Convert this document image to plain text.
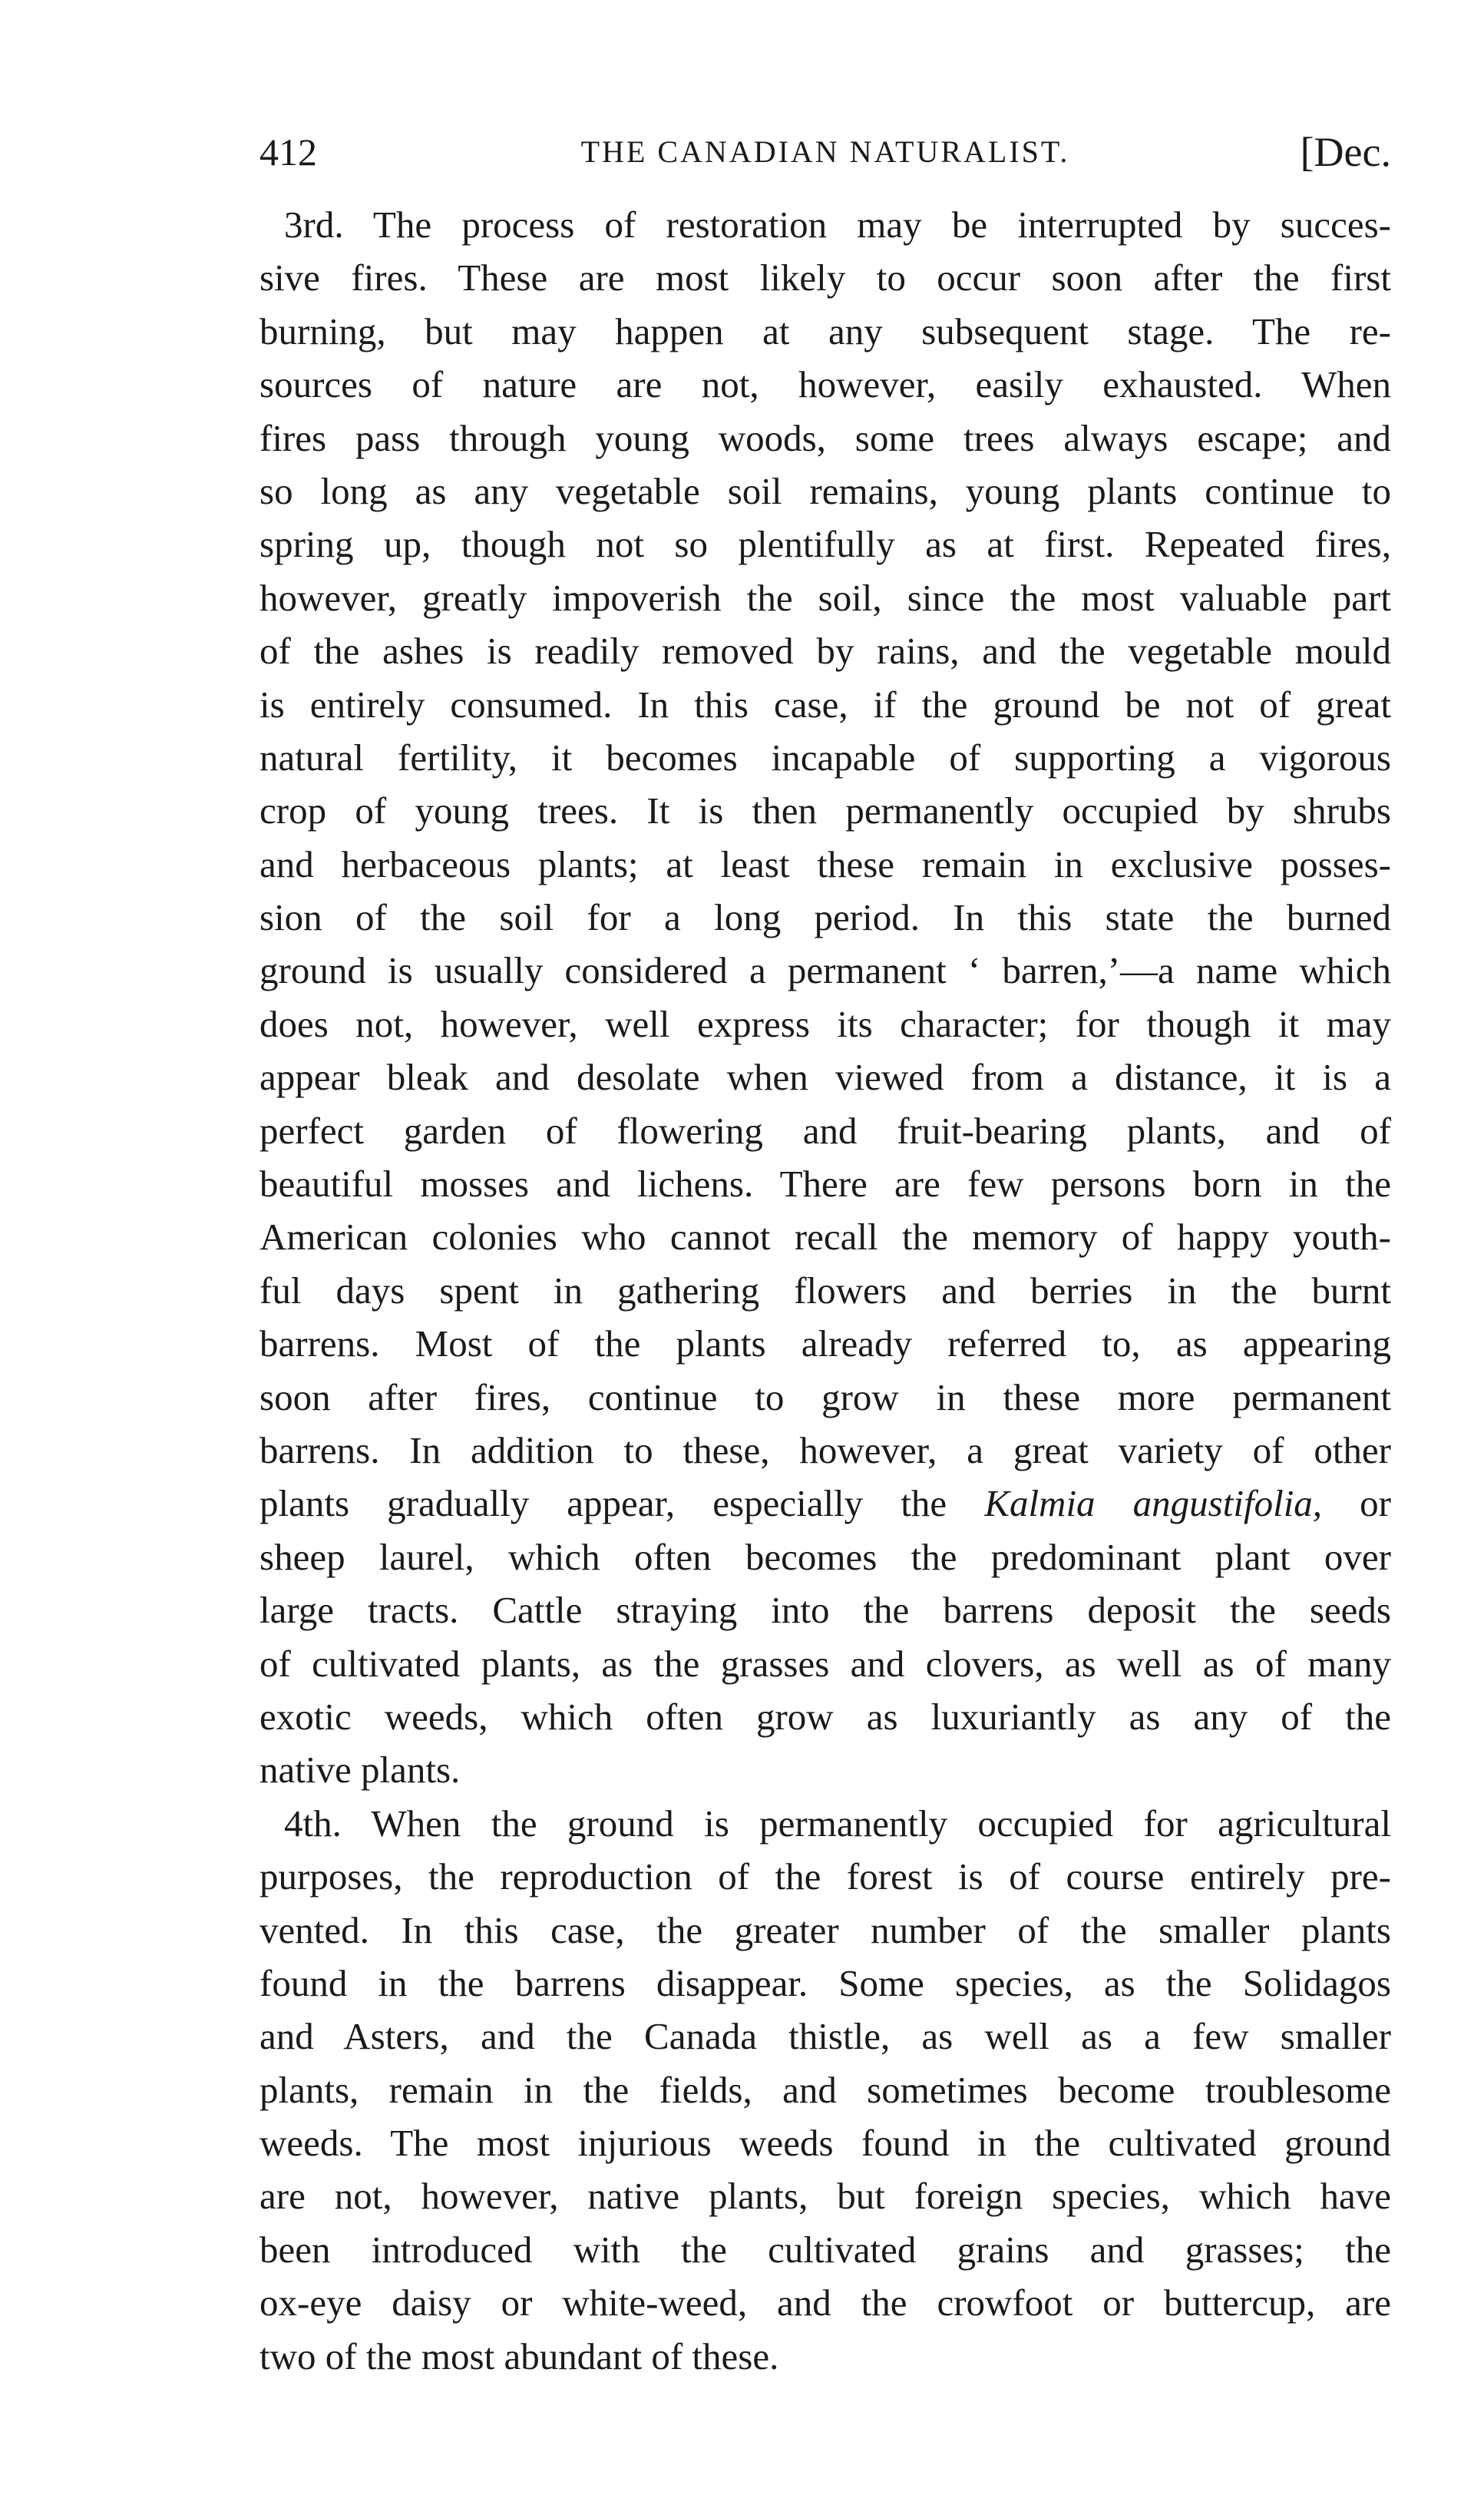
412	THE CANADIAN NATURALIST.	[Dec.
3rd. The process of restoration may be interrupted by succes-
sive fires. These are most likely to occur soon after the first
burning, but may happen at any subsequent stage. The re-
sources of nature are not, however, easily exhausted. When
fires pass through young woods, some trees always escape; and
so long as any vegetable soil remains, young plants continue to
spring up, though not so plentifully as at first. Repeated fires,
however, greatly impoverish the soil, since the most valuable part
of the ashes is readily removed by rains, and the vegetable mould
is entirely consumed. In this case, if the ground be not of great
natural fertility, it becomes incapable of supporting a vigorous
crop of young trees. It is then permanently occupied by shrubs
and herbaceous plants; at least these remain in exclusive posses-
sion of the soil for a long period. In this state the burned
ground is usually considered a permanent ‘ barren,’—a name which
does not, however, well express its character; for though it may
appear bleak and desolate when viewed from a distance, it is a
perfect garden of flowering and fruit-bearing plants, and of
beautiful mosses and lichens. There are few persons born in the
American colonies who cannot recall the memory of happy youth-
ful days spent in gathering flowers and berries in the burnt
barrens. Most of the plants already referred to, as appearing
soon after fires, continue to grow in these more permanent
barrens. In addition to these, however, a great variety of other
plants gradually appear, especially the Kalmia angustifolia, or
sheep laurel, which often becomes the predominant plant over
large tracts. Cattle straying into the barrens deposit the seeds
of cultivated plants, as the grasses and clovers, as well as of many
exotic weeds, which often grow as luxuriantly as any of the
native plants.
4th. When the ground is permanently occupied for agricultural
purposes, the reproduction of the forest is of course entirely pre-
vented. In this case, the greater number of the smaller plants
found in the barrens disappear. Some species, as the Solidagos
and Asters, and the Canada thistle, as well as a few smaller
plants, remain in the fields, and sometimes become troublesome
weeds. The most injurious weeds found in the cultivated ground
are not, however, native plants, but foreign species, which have
been introduced with the cultivated grains and grasses; the
ox-eye daisy or white-weed, and the crowfoot or buttercup, are
two of the most abundant of these.
